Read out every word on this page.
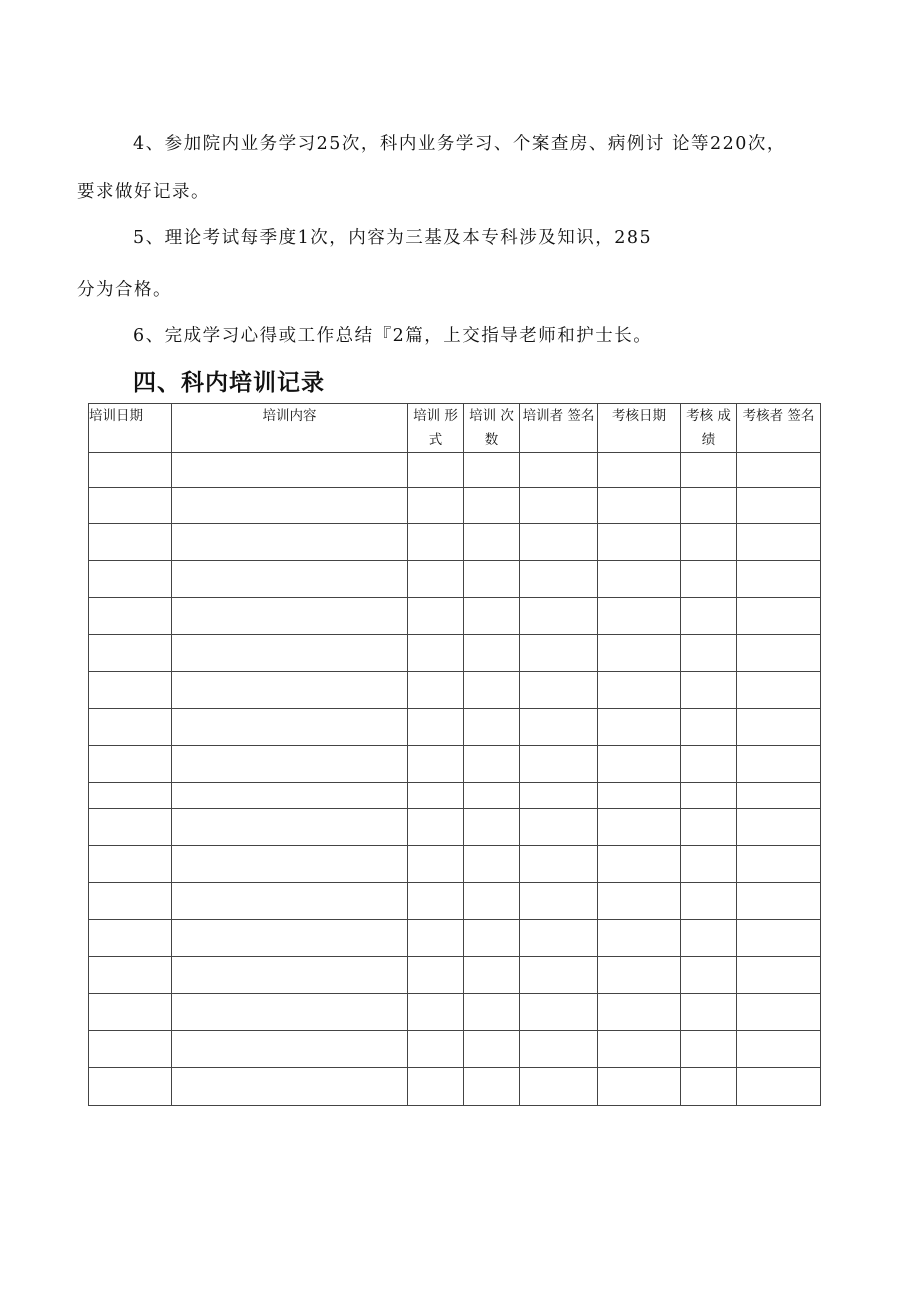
4、参加院内业务学习25次，科内业务学习、个案查房、病例讨 论等220次，
要求做好记录。
5、理论考试每季度1次，内容为三基及本专科涉及知识，285
分为合格。
6、完成学习心得或工作总结『2篇，上交指导老师和护士长。
四、科内培训记录
培训日期	培训内容	培训 形式	培训 次数	培训者 签名	考核日期	考核 成绩	考核者 签名
